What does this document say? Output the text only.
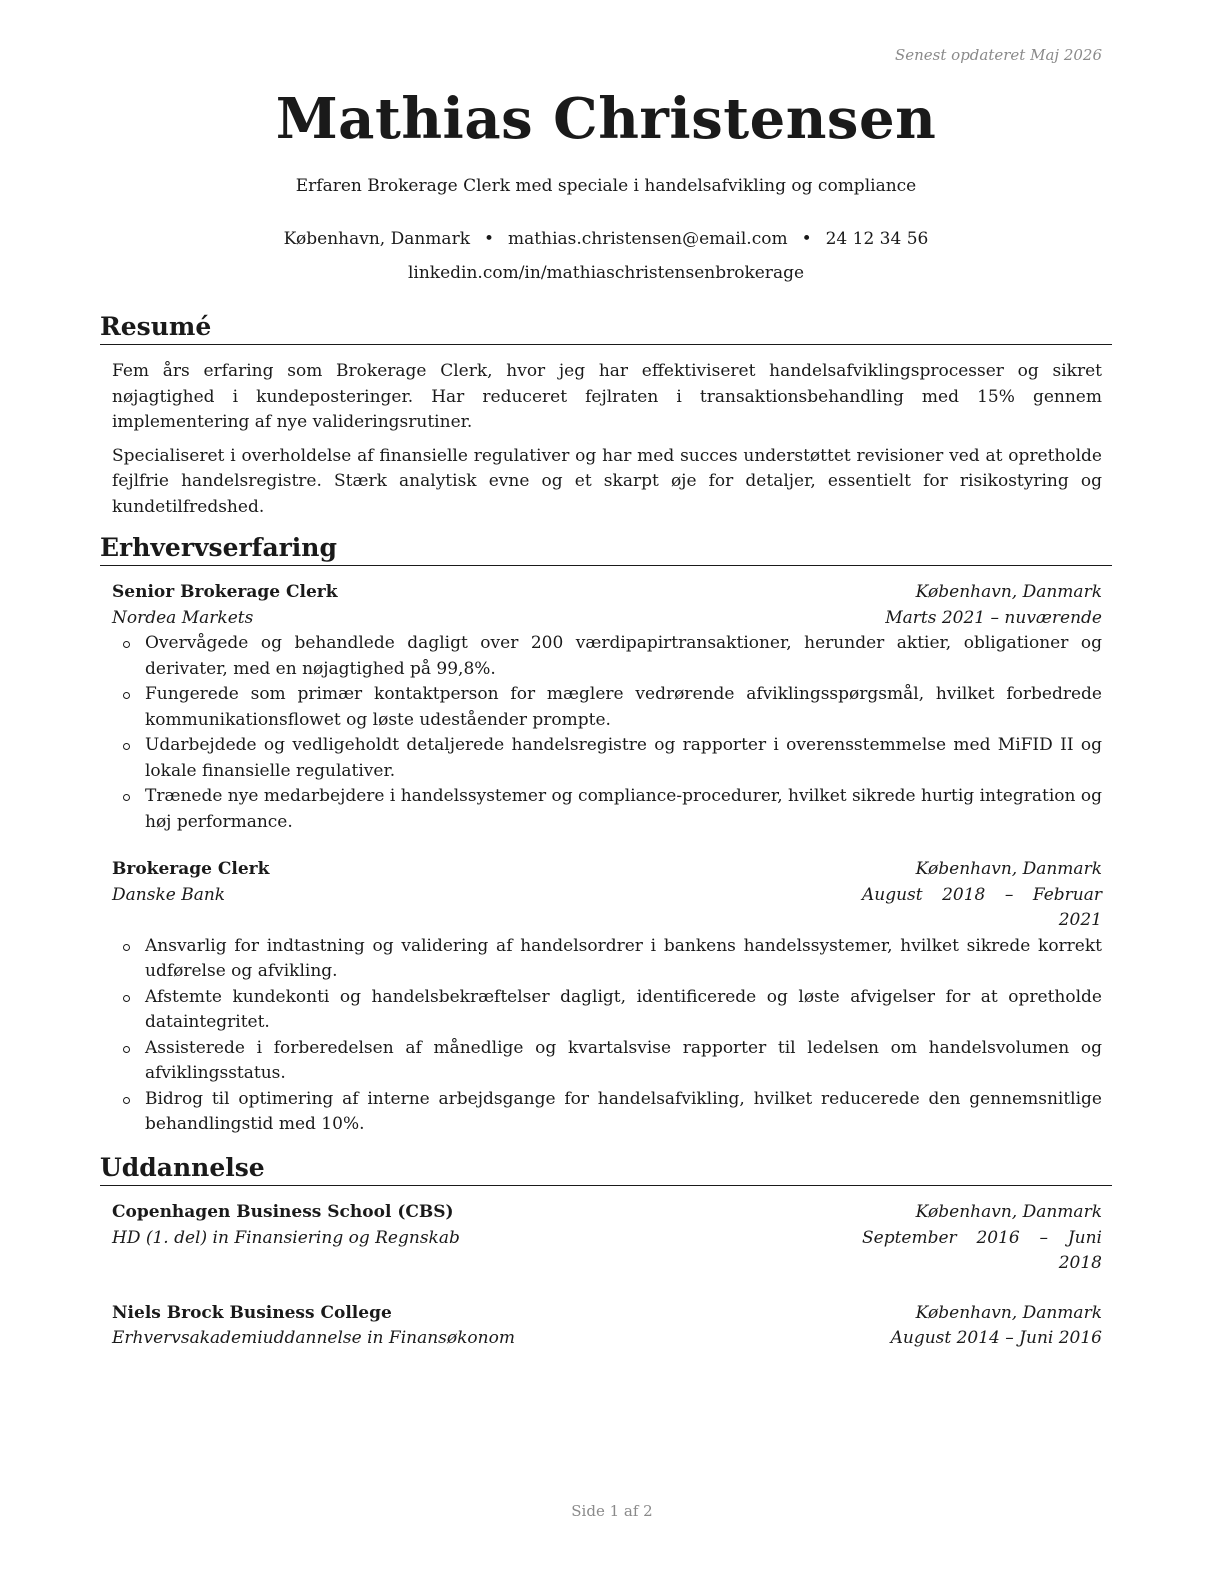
Senest opdateret Maj 2026
Mathias Christensen
Erfaren Brokerage Clerk med speciale i handelsafvikling og compliance
København, Danmark • mathias.christensen@email.com • 24 12 34 56
linkedin.com/in/mathiaschristensenbrokerage
Resumé

Fem års erfaring som Brokerage Clerk, hvor jeg har effektiviseret handelsafviklingsprocesser og sikret nøjagtighed i kundeposteringer. Har reduceret fejlraten i transaktionsbehandling med 15% gennem implementering af nye valideringsrutiner.

Specialiseret i overholdelse af finansielle regulativer og har med succes understøttet revisioner ved at opretholde fejlfrie handelsregistre. Stærk analytisk evne og et skarpt øje for detaljer, essentielt for risikostyring og kundetilfredshed.

Erhvervserfaring
Senior Brokerage Clerk	København, Danmark
Nordea Markets	Marts 2021 – nuværende
Overvågede og behandlede dagligt over 200 værdipapirtransaktioner, herunder aktier, obligationer og derivater, med en nøjagtighed på 99,8%.
Fungerede som primær kontaktperson for mæglere vedrørende afviklingsspørgsmål, hvilket forbedrede kommunikationsflowet og løste udeståender prompte.
Udarbejdede og vedligeholdt detaljerede handelsregistre og rapporter i overensstemmelse med MiFID II og lokale finansielle regulativer.
Trænede nye medarbejdere i handelssystemer og compliance-procedurer, hvilket sikrede hurtig integration og høj performance.
Brokerage Clerk	København, Danmark
Danske Bank	August 2018 – Februar 2021
Ansvarlig for indtastning og validering af handelsordrer i bankens handelssystemer, hvilket sikrede korrekt udførelse og afvikling.
Afstemte kundekonti og handelsbekræftelser dagligt, identificerede og løste afvigelser for at opretholde dataintegritet.
Assisterede i forberedelsen af månedlige og kvartalsvise rapporter til ledelsen om handelsvolumen og afviklingsstatus.
Bidrog til optimering af interne arbejdsgange for handelsafvikling, hvilket reducerede den gennemsnitlige behandlingstid med 10%.
Uddannelse
Copenhagen Business School (CBS)	København, Danmark
HD (1. del) in Finansiering og Regnskab	September 2016 – Juni 2018
Niels Brock Business College	København, Danmark
Erhvervsakademiuddannelse in Finansøkonom	August 2014 – Juni 2016
Side 1 af 2
